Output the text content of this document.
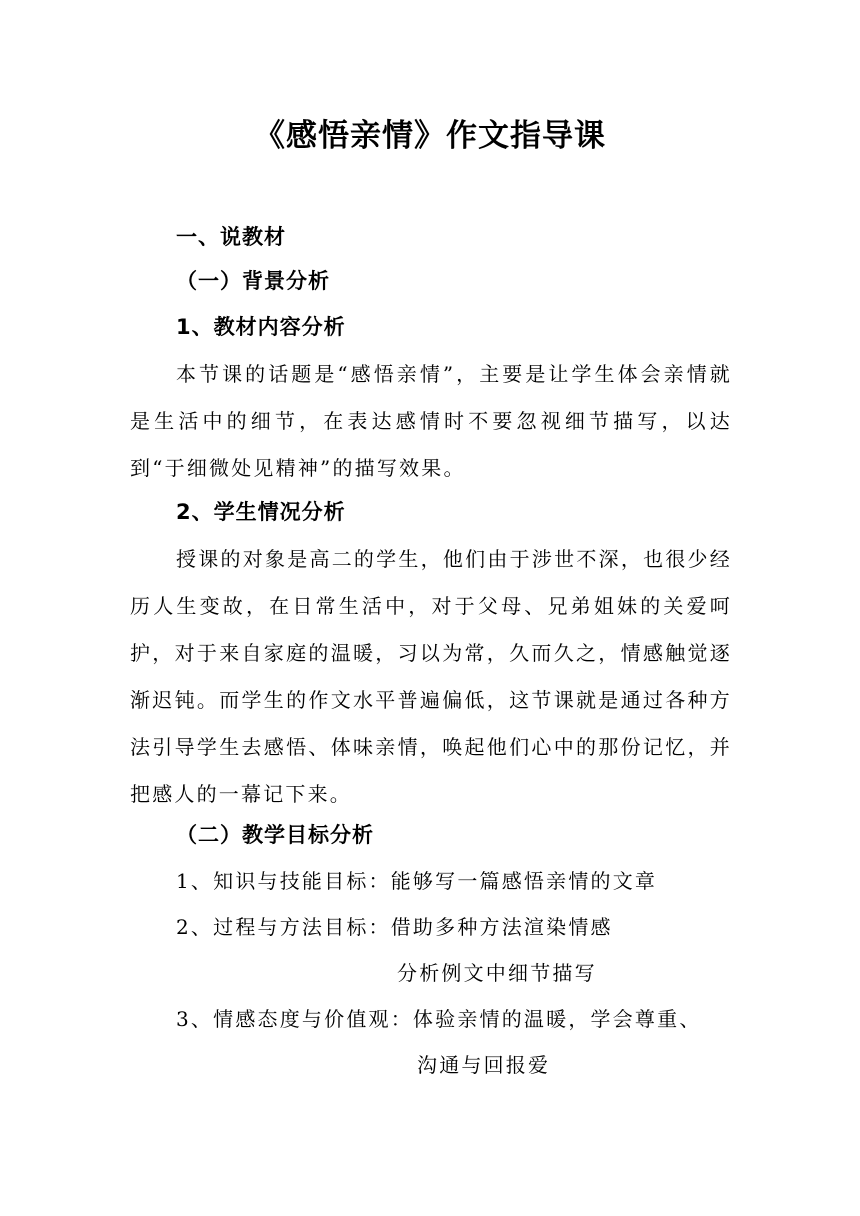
《感悟亲情》作文指导课
一、说教材
（一）背景分析
1、教材内容分析
本节课的话题是“感悟亲情”，主要是让学生体会亲情就是生活中的细节，在表达感情时不要忽视细节描写，以达到“于细微处见精神”的描写效果。
2、学生情况分析
授课的对象是高二的学生，他们由于涉世不深，也很少经历人生变故，在日常生活中，对于父母、兄弟姐妹的关爱呵护，对于来自家庭的温暖，习以为常，久而久之，情感触觉逐渐迟钝。而学生的作文水平普遍偏低，这节课就是通过各种方法引导学生去感悟、体味亲情，唤起他们心中的那份记忆，并把感人的一幕记下来。
（二）教学目标分析
1、知识与技能目标：能够写一篇感悟亲情的文章
2、过程与方法目标：借助多种方法渲染情感
分析例文中细节描写
3、情感态度与价值观：体验亲情的温暖，学会尊重、
沟通与回报爱
